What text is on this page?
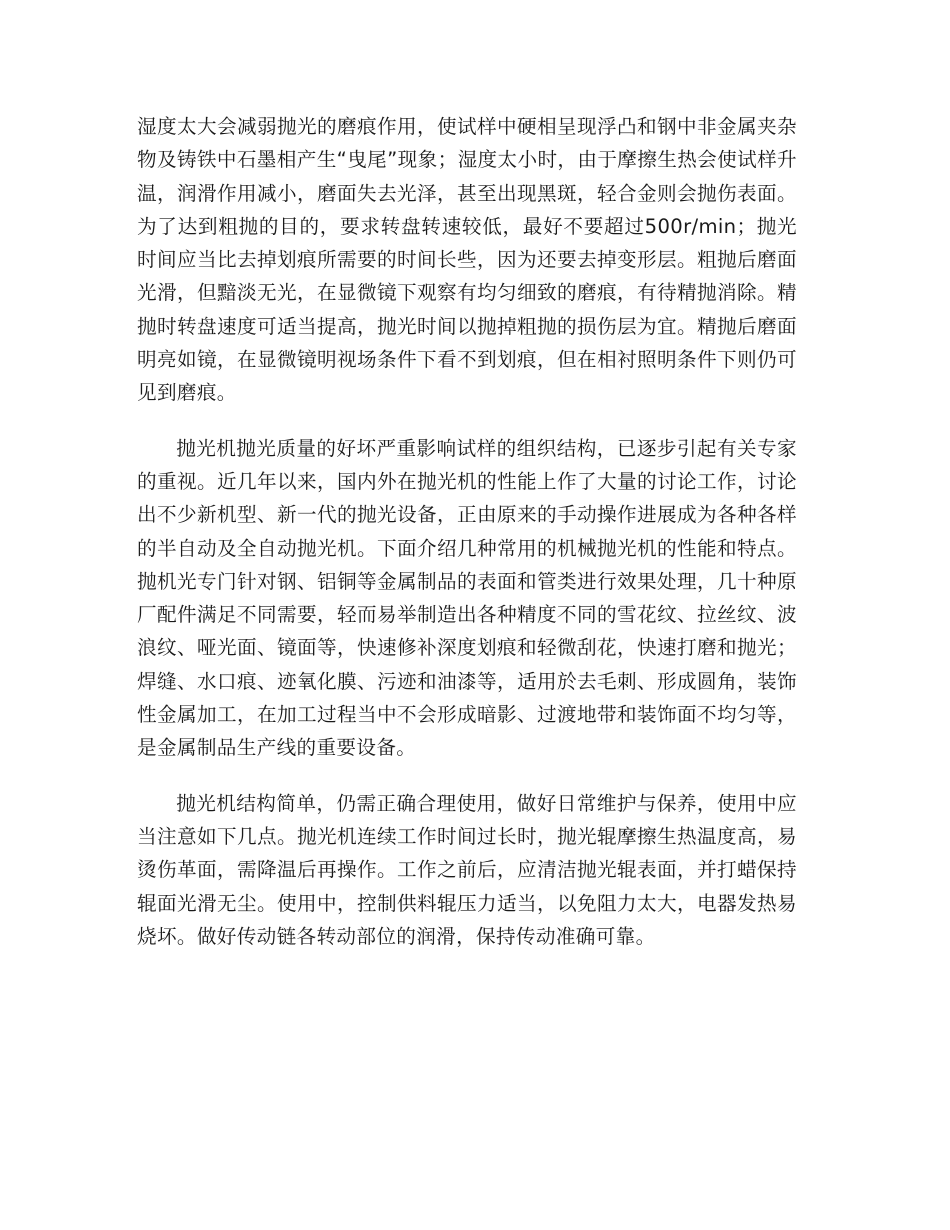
湿度太大会减弱抛光的磨痕作用，使试样中硬相呈现浮凸和钢中非金属夹杂物及铸铁中石墨相产生“曳尾”现象；湿度太小时，由于摩擦生热会使试样升温，润滑作用减小，磨面失去光泽，甚至出现黑斑，轻合金则会抛伤表面。为了达到粗抛的目的，要求转盘转速较低，最好不要超过500r/min；抛光时间应当比去掉划痕所需要的时间长些，因为还要去掉变形层。粗抛后磨面光滑，但黯淡无光，在显微镜下观察有均匀细致的磨痕，有待精抛消除。精抛时转盘速度可适当提高，抛光时间以抛掉粗抛的损伤层为宜。精抛后磨面明亮如镜，在显微镜明视场条件下看不到划痕，但在相衬照明条件下则仍可见到磨痕。

抛光机抛光质量的好坏严重影响试样的组织结构，已逐步引起有关专家的重视。近几年以来，国内外在抛光机的性能上作了大量的讨论工作，讨论出不少新机型、新一代的抛光设备，正由原来的手动操作进展成为各种各样的半自动及全自动抛光机。下面介绍几种常用的机械抛光机的性能和特点。抛机光专门针对钢、铝铜等金属制品的表面和管类进行效果处理，几十种原厂配件满足不同需要，轻而易举制造出各种精度不同的雪花纹、拉丝纹、波浪纹、哑光面、镜面等，快速修补深度划痕和轻微刮花，快速打磨和抛光；焊缝、水口痕、迹氧化膜、污迹和油漆等，适用於去毛刺、形成圆角，装饰性金属加工，在加工过程当中不会形成暗影、过渡地带和装饰面不均匀等，是金属制品生产线的重要设备。

抛光机结构简单，仍需正确合理使用，做好日常维护与保养，使用中应当注意如下几点。抛光机连续工作时间过长时，抛光辊摩擦生热温度高，易烫伤革面，需降温后再操作。工作之前后，应清洁抛光辊表面，并打蜡保持辊面光滑无尘。使用中，控制供料辊压力适当，以免阻力太大，电器发热易烧坏。做好传动链各转动部位的润滑，保持传动准确可靠。
